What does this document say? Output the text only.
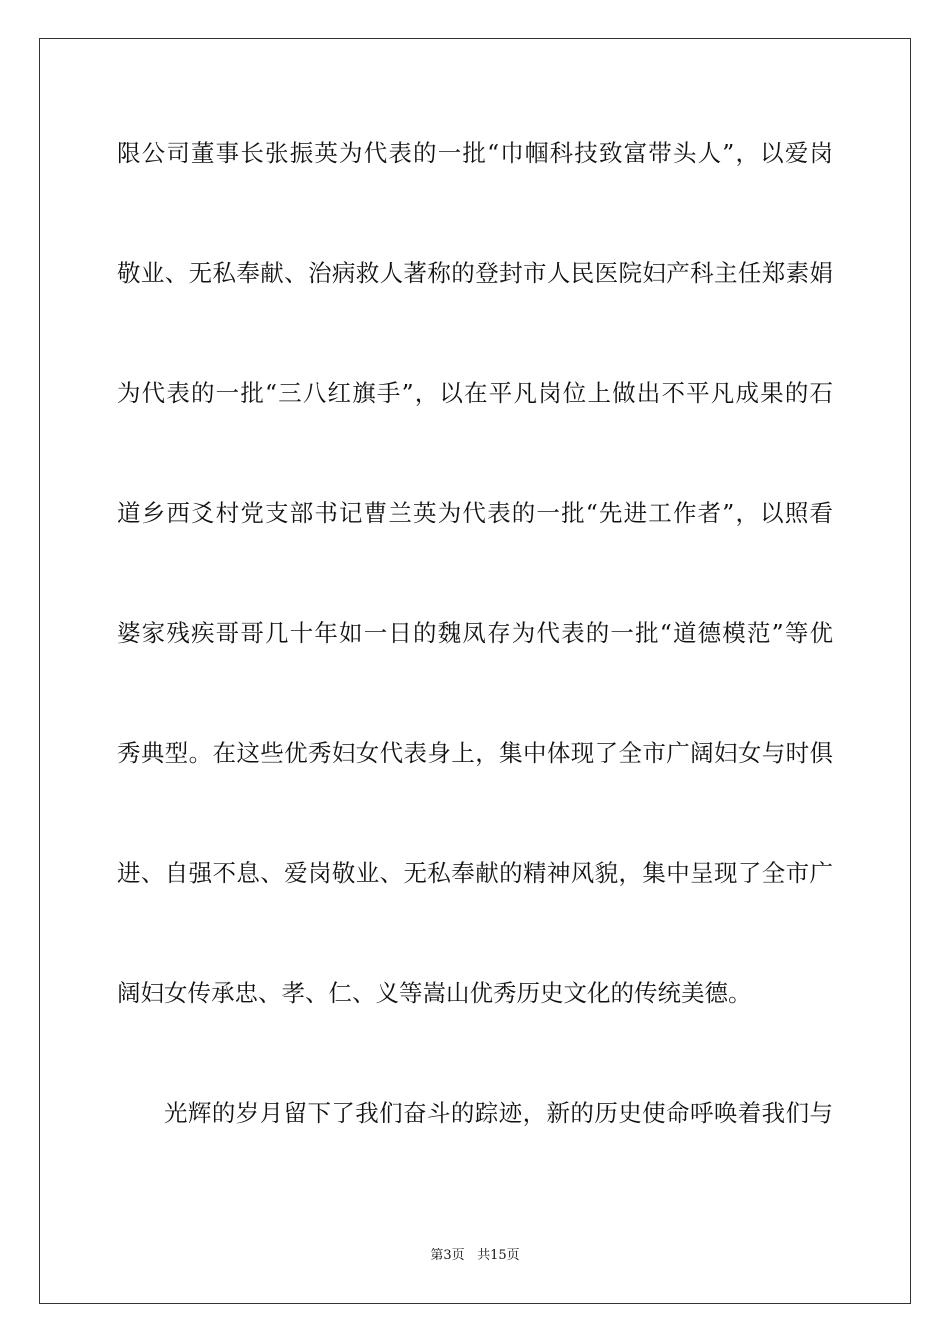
限公司董事长张振英为代表的一批“巾帼科技致富带头人”，以爱岗
敬业、无私奉献、治病救人著称的登封市人民医院妇产科主任郑素娟
为代表的一批“三八红旗手”，以在平凡岗位上做出不平凡成果的石
道乡西爻村党支部书记曹兰英为代表的一批“先进工作者”，以照看
婆家残疾哥哥几十年如一日的魏凤存为代表的一批“道德模范”等优
秀典型。在这些优秀妇女代表身上，集中体现了全市广阔妇女与时俱
进、自强不息、爱岗敬业、无私奉献的精神风貌，集中呈现了全市广
阔妇女传承忠、孝、仁、义等嵩山优秀历史文化的传统美德。
光辉的岁月留下了我们奋斗的踪迹，新的历史使命呼唤着我们与
第3页 共15页
